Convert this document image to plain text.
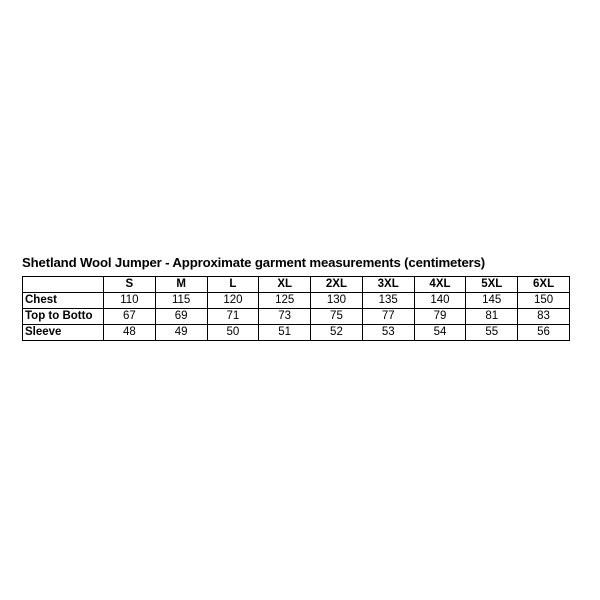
Shetland Wool Jumper - Approximate garment measurements (centimeters)
	S	M	L	XL	2XL	3XL	4XL	5XL	6XL
Chest	110	115	120	125	130	135	140	145	150
Top to Botto	67	69	71	73	75	77	79	81	83
Sleeve	48	49	50	51	52	53	54	55	56
